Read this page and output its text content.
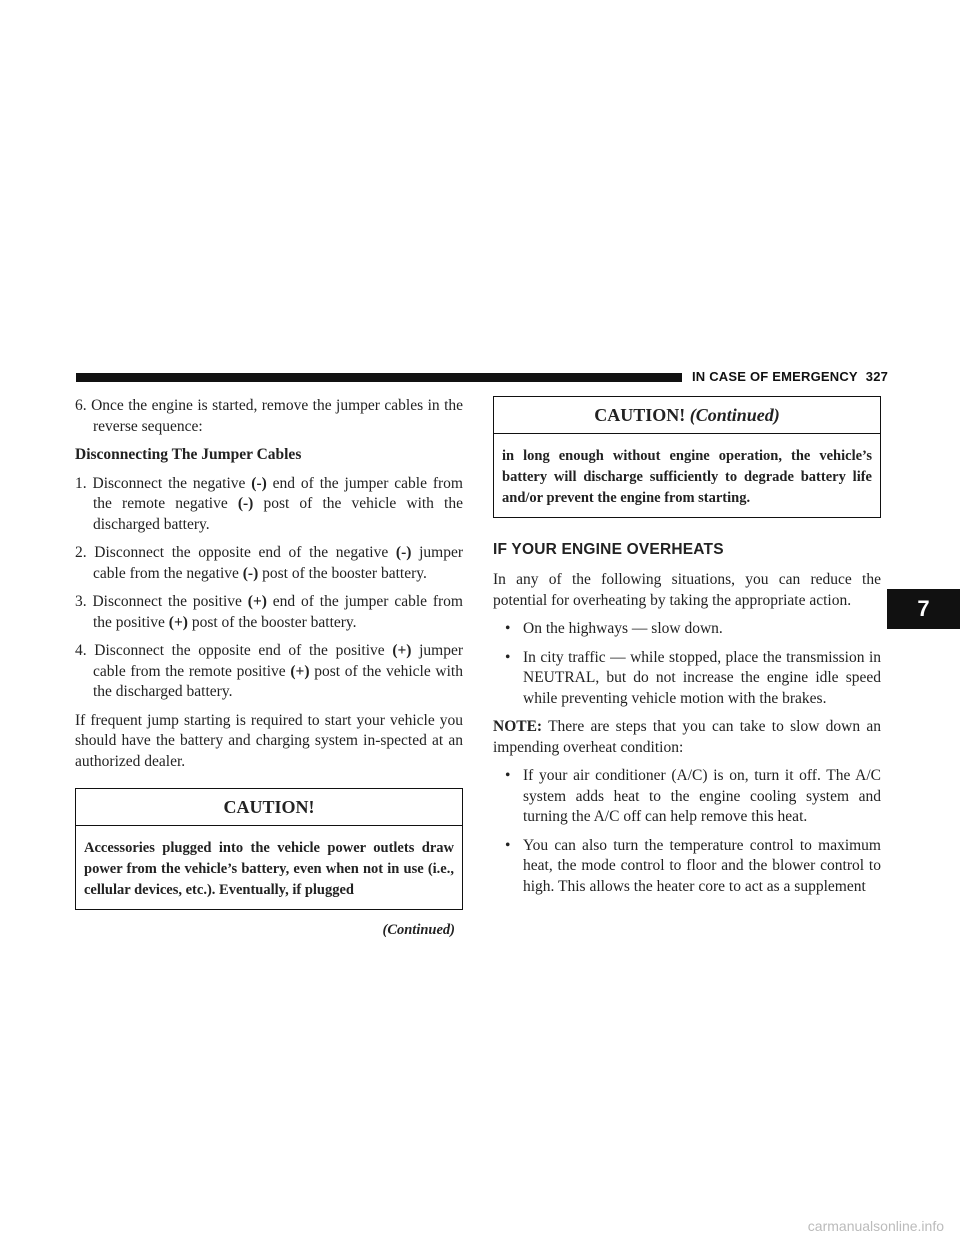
IN CASE OF EMERGENCY 327

6. Once the engine is started, remove the jumper cables in the reverse sequence:

Disconnecting The Jumper Cables

1. Disconnect the negative (-) end of the jumper cable from the remote negative (-) post of the vehicle with the discharged battery.

2. Disconnect the opposite end of the negative (-) jumper cable from the negative (-) post of the booster battery.

3. Disconnect the positive (+) end of the jumper cable from the positive (+) post of the booster battery.

4. Disconnect the opposite end of the positive (+) jumper cable from the remote positive (+) post of the vehicle with the discharged battery.

If frequent jump starting is required to start your vehicle you should have the battery and charging system in-spected at an authorized dealer.

CAUTION!
Accessories plugged into the vehicle power outlets draw power from the vehicle’s battery, even when not in use (i.e., cellular devices, etc.). Eventually, if plugged
(Continued)
CAUTION! (Continued)
in long enough without engine operation, the vehicle’s battery will discharge sufficiently to degrade battery life and/or prevent the engine from starting.
IF YOUR ENGINE OVERHEATS

In any of the following situations, you can reduce the potential for overheating by taking the appropriate action.

• On the highways — slow down.

• In city traffic — while stopped, place the transmission in NEUTRAL, but do not increase the engine idle speed while preventing vehicle motion with the brakes.

NOTE: There are steps that you can take to slow down an impending overheat condition:

• If your air conditioner (A/C) is on, turn it off. The A/C system adds heat to the engine cooling system and turning the A/C off can help remove this heat.

• You can also turn the temperature control to maximum heat, the mode control to floor and the blower control to high. This allows the heater core to act as a supplement

7
carmanualsonline.info
